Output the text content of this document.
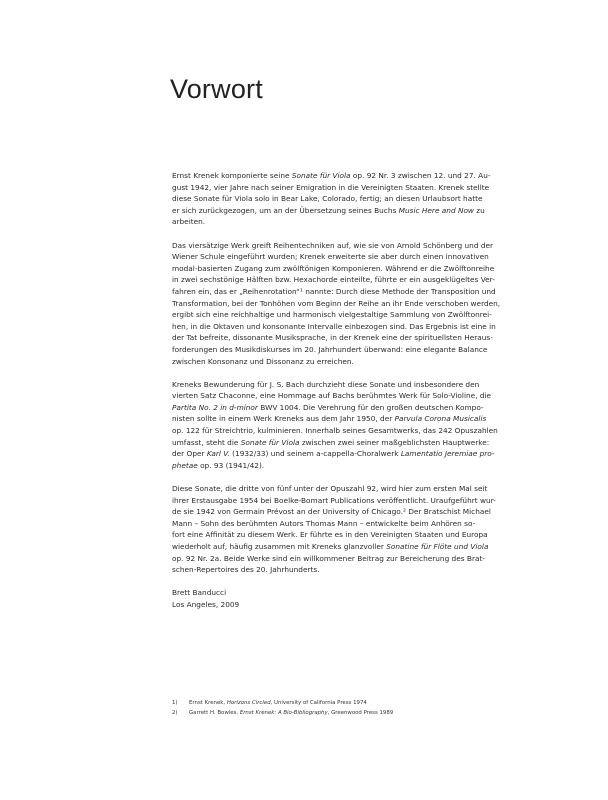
Vorwort
Ernst Krenek komponierte seine Sonate für Viola op. 92 Nr. 3 zwischen 12. und 27. Au-
gust 1942, vier Jahre nach seiner Emigration in die Vereinigten Staaten. Krenek stellte
diese Sonate für Viola solo in Bear Lake, Colorado, fertig; an diesen Urlaubsort hatte
er sich zurückgezogen, um an der Übersetzung seines Buchs Music Here and Now zu
arbeiten.
Das viersätzige Werk greift Reihentechniken auf, wie sie von Arnold Schönberg und der
Wiener Schule eingeführt wurden; Krenek erweiterte sie aber durch einen innovativen
modal-basierten Zugang zum zwölftönigen Komponieren. Während er die Zwölftonreihe
in zwei sechstönige Hälften bzw. Hexachorde einteilte, führte er ein ausgeklügeltes Ver-
fahren ein, das er „Reihenrotation“¹ nannte: Durch diese Methode der Transposition und
Transformation, bei der Tonhöhen vom Beginn der Reihe an ihr Ende verschoben werden,
ergibt sich eine reichhaltige und harmonisch vielgestaltige Sammlung von Zwölftonrei-
hen, in die Oktaven und konsonante Intervalle einbezogen sind. Das Ergebnis ist eine in
der Tat befreite, dissonante Musiksprache, in der Krenek eine der spirituellsten Heraus-
forderungen des Musikdiskurses im 20. Jahrhundert überwand: eine elegante Balance
zwischen Konsonanz und Dissonanz zu erreichen.
Kreneks Bewunderung für J. S. Bach durchzieht diese Sonate und insbesondere den
vierten Satz Chaconne, eine Hommage auf Bachs berühmtes Werk für Solo-Violine, die
Partita No. 2 in d-minor BWV 1004. Die Verehrung für den großen deutschen Kompo-
nisten sollte in einem Werk Kreneks aus dem Jahr 1950, der Parvula Corona Musicalis
op. 122 für Streichtrio, kulminieren. Innerhalb seines Gesamtwerks, das 242 Opuszahlen
umfasst, steht die Sonate für Viola zwischen zwei seiner maßgeblichsten Hauptwerke:
der Oper Karl V. (1932/33) und seinem a-cappella-Choralwerk Lamentatio Jeremiae pro-
phetae op. 93 (1941/42).
Diese Sonate, die dritte von fünf unter der Opuszahl 92, wird hier zum ersten Mal seit
ihrer Erstausgabe 1954 bei Boelke-Bomart Publications veröffentlicht. Uraufgeführt wur-
de sie 1942 von Germain Prévost an der University of Chicago.² Der Bratschist Michael
Mann – Sohn des berühmten Autors Thomas Mann – entwickelte beim Anhören so-
fort eine Affinität zu diesem Werk. Er führte es in den Vereinigten Staaten und Europa
wiederholt auf, häufig zusammen mit Kreneks glanzvoller Sonatine für Flöte und Viola
op. 92 Nr. 2a. Beide Werke sind ein willkommener Beitrag zur Bereicherung des Brat-
schen-Repertoires des 20. Jahrhunderts.
Brett Banducci
Los Angeles, 2009
1) Ernst Krenek, Horizons Circled, University of California Press 1974
2) Garrett H. Bowles, Ernst Krenek: A Bio-Bibliography, Greenwood Press 1989
